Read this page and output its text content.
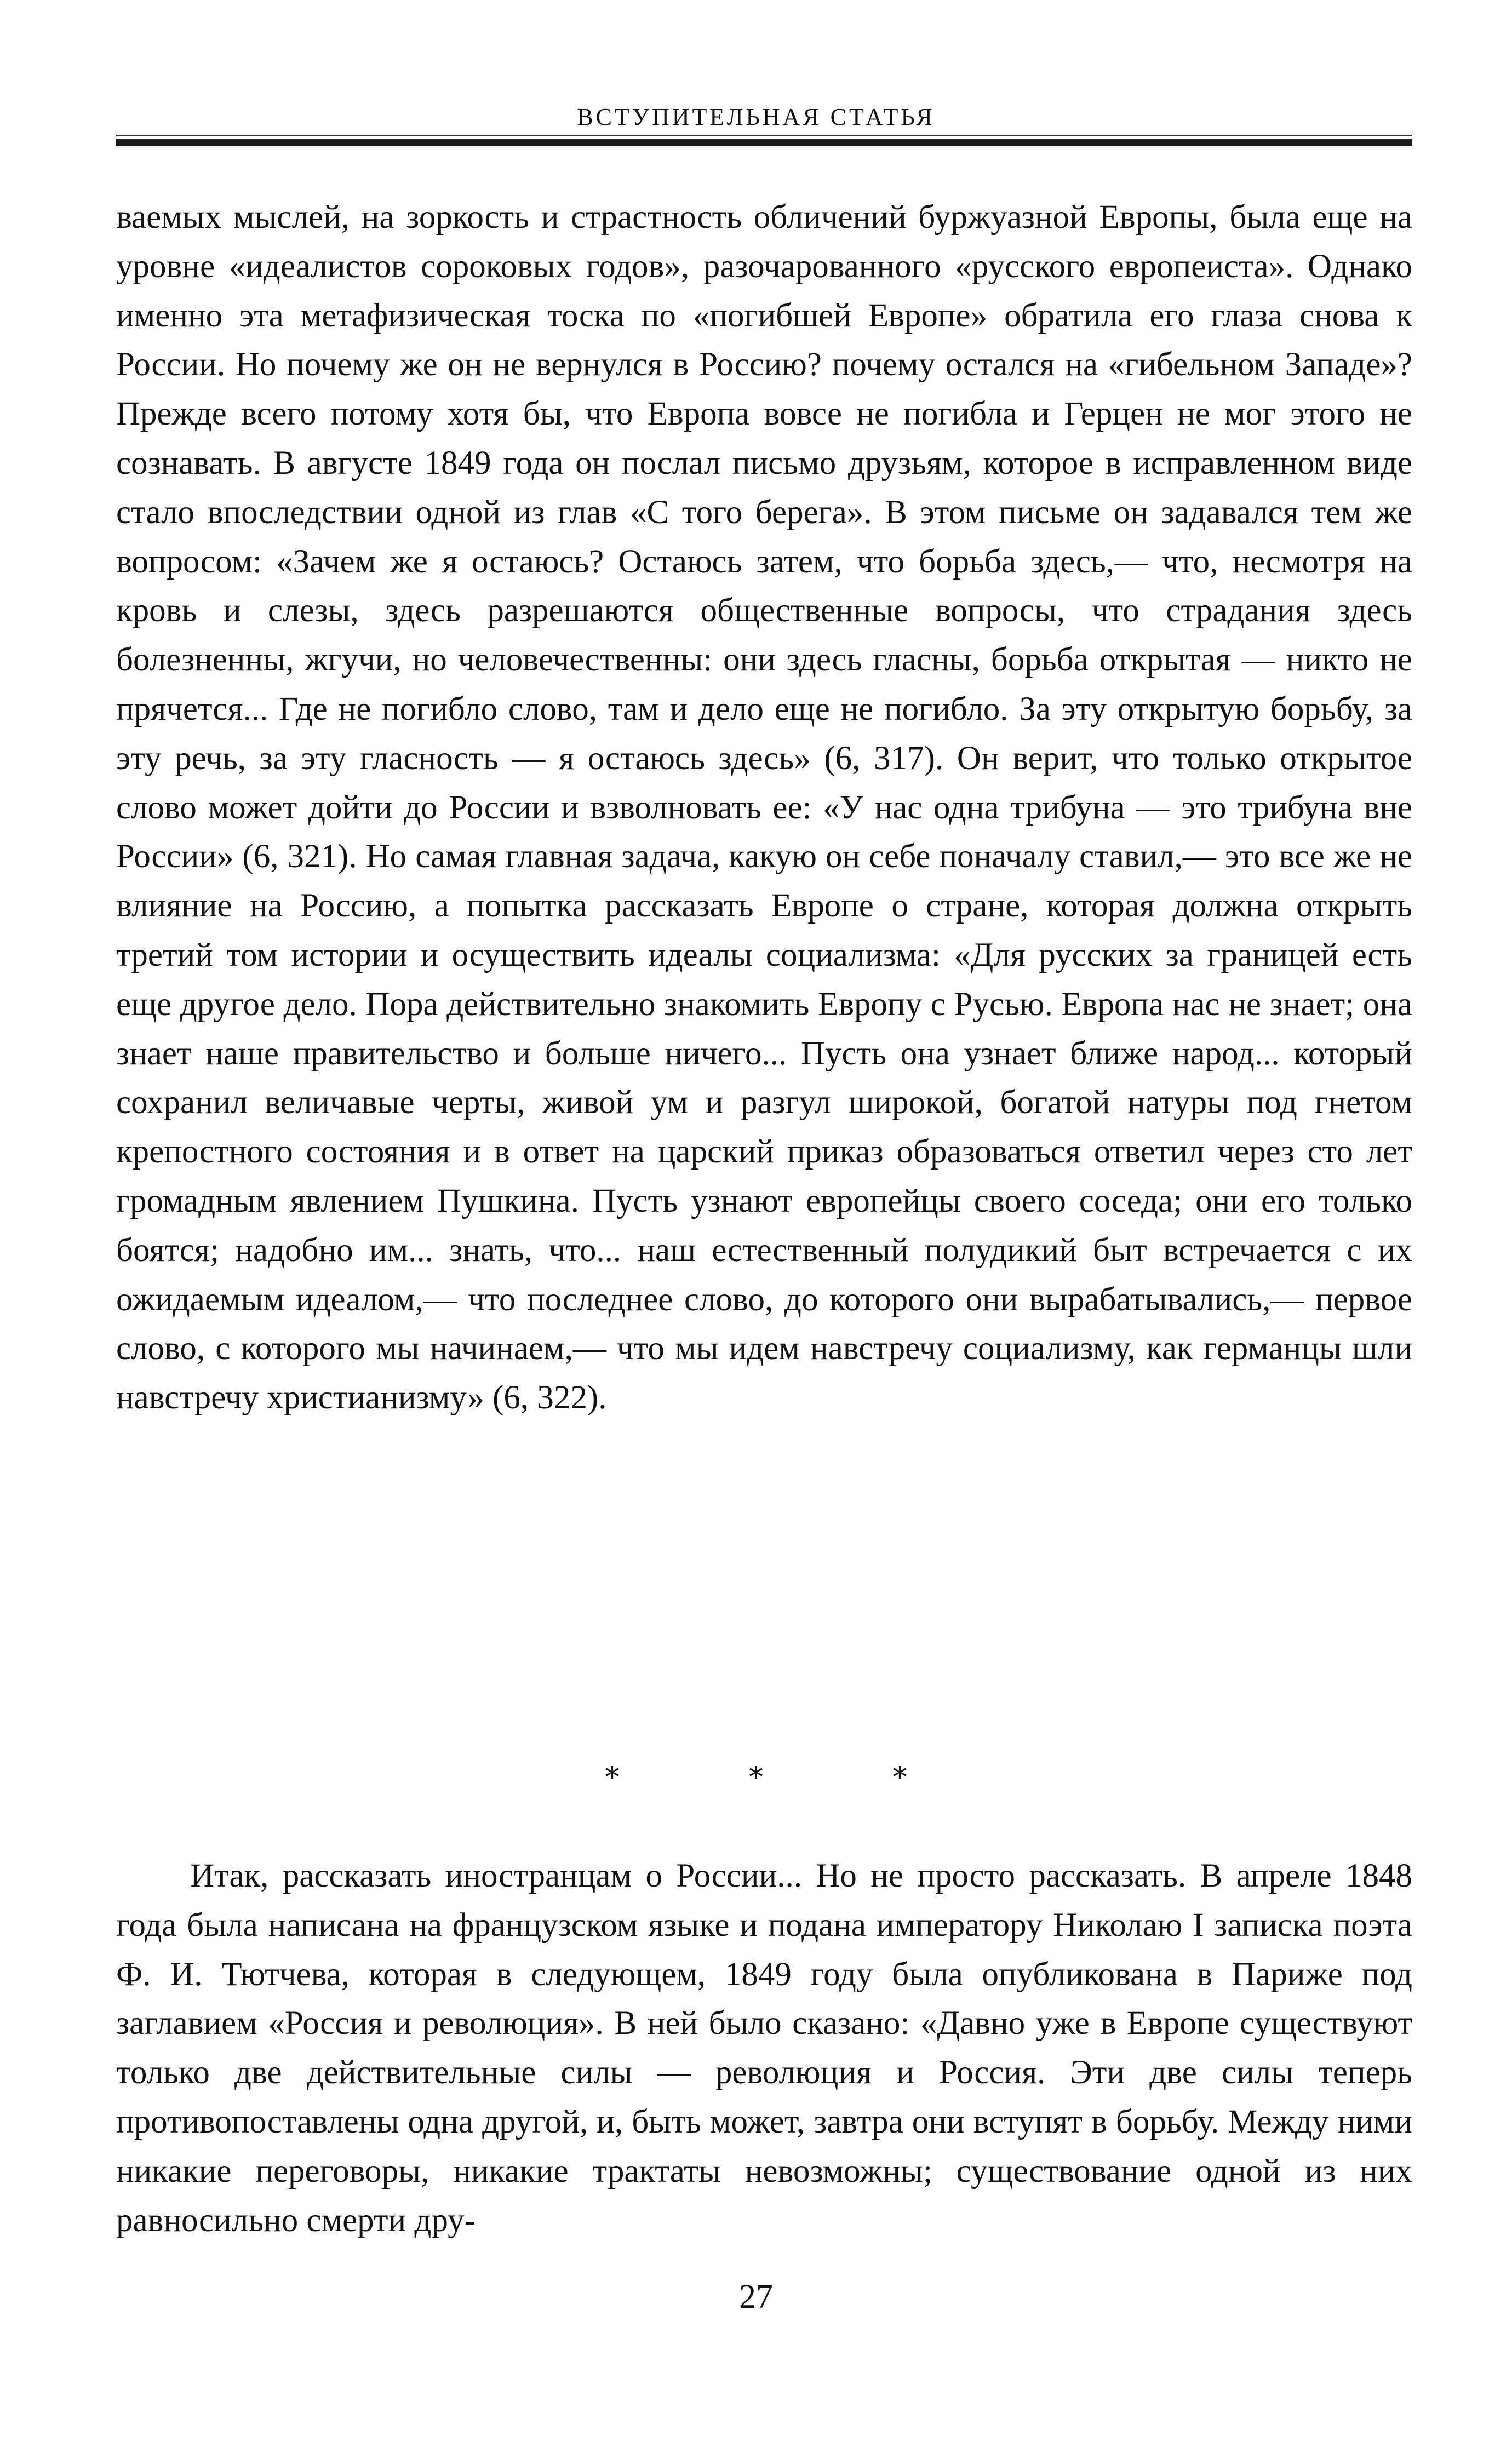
ВСТУПИТЕЛЬНАЯ СТАТЬЯ

ваемых мыслей, на зоркость и страстность обличений буржуазной Европы, была еще на уровне «идеалистов сороковых годов», разочарованного «русского европеиста». Однако именно эта метафизическая тоска по «погибшей Европе» обратила его глаза снова к России. Но почему же он не вернулся в Россию? почему остался на «гибельном Западе»? Прежде всего потому хотя бы, что Европа вовсе не погибла и Герцен не мог этого не сознавать. В августе 1849 года он послал письмо друзьям, которое в исправленном виде стало впоследствии одной из глав «С того берега». В этом письме он задавался тем же вопросом: «Зачем же я остаюсь? Остаюсь затем, что борьба здесь,— что, несмотря на кровь и слезы, здесь разрешаются общественные вопросы, что страдания здесь болезненны, жгучи, но человечественны: они здесь гласны, борьба открытая — никто не прячется... Где не погибло слово, там и дело еще не погибло. За эту открытую борьбу, за эту речь, за эту гласность — я остаюсь здесь» (6, 317). Он верит, что только открытое слово может дойти до России и взволновать ее: «У нас одна трибуна — это трибуна вне России» (6, 321). Но самая главная задача, какую он себе поначалу ставил,— это все же не влияние на Россию, а попытка рассказать Европе о стране, которая должна открыть третий том истории и осуществить идеалы социализма: «Для русских за границей есть еще другое дело. Пора действительно знакомить Европу с Русью. Европа нас не знает; она знает наше правительство и больше ничего... Пусть она узнает ближе народ... который сохранил величавые черты, живой ум и разгул широкой, богатой натуры под гнетом крепостного состояния и в ответ на царский приказ образоваться ответил через сто лет громадным явлением Пушкина. Пусть узнают европейцы своего соседа; они его только боятся; надобно им... знать, что... наш естественный полудикий быт встречается с их ожидаемым идеалом,— что последнее слово, до которого они вырабатывались,— первое слово, с которого мы начинаем,— что мы идем навстречу социализму, как германцы шли навстречу христианизму» (6, 322).

* * *

Итак, рассказать иностранцам о России... Но не просто рассказать. В апреле 1848 года была написана на французском языке и подана императору Николаю I записка поэта Ф. И. Тютчева, которая в следующем, 1849 году была опубликована в Париже под заглавием «Россия и революция». В ней было сказано: «Давно уже в Европе существуют только две действительные силы — революция и Россия. Эти две силы теперь противопоставлены одна другой, и, быть может, завтра они вступят в борьбу. Между ними никакие переговоры, никакие трактаты невозможны; существование одной из них равносильно смерти дру-

27
